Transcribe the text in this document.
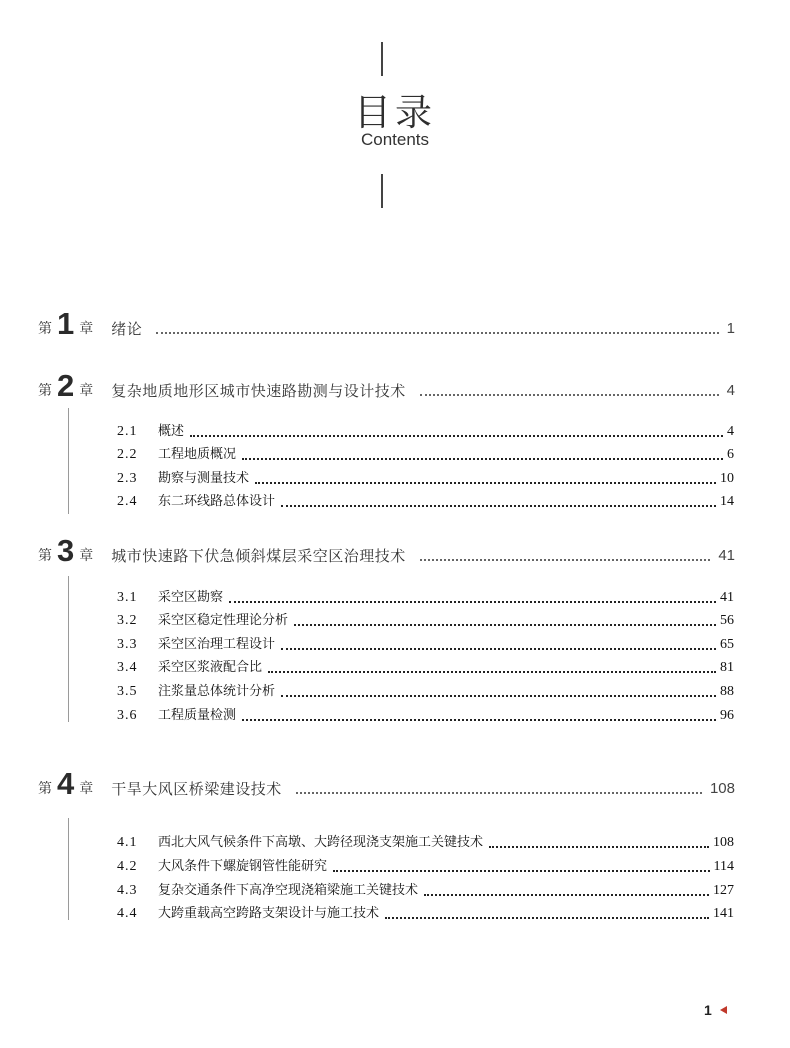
目录
Contents
第 1 章 绪论	1
第 2 章 复杂地质地形区城市快速路勘测与设计技术	4
2.1	概述	4
2.2	工程地质概况	6
2.3	勘察与测量技术	10
2.4	东二环线路总体设计	14
第 3 章 城市快速路下伏急倾斜煤层采空区治理技术	41
3.1	采空区勘察	41
3.2	采空区稳定性理论分析	56
3.3	采空区治理工程设计	65
3.4	采空区浆液配合比	81
3.5	注浆量总体统计分析	88
3.6	工程质量检测	96
第 4 章 干旱大风区桥梁建设技术	108
4.1	西北大风气候条件下高墩、大跨径现浇支架施工关键技术	108
4.2	大风条件下螺旋钢管性能研究	114
4.3	复杂交通条件下高净空现浇箱梁施工关键技术	127
4.4	大跨重载高空跨路支架设计与施工技术	141
1
